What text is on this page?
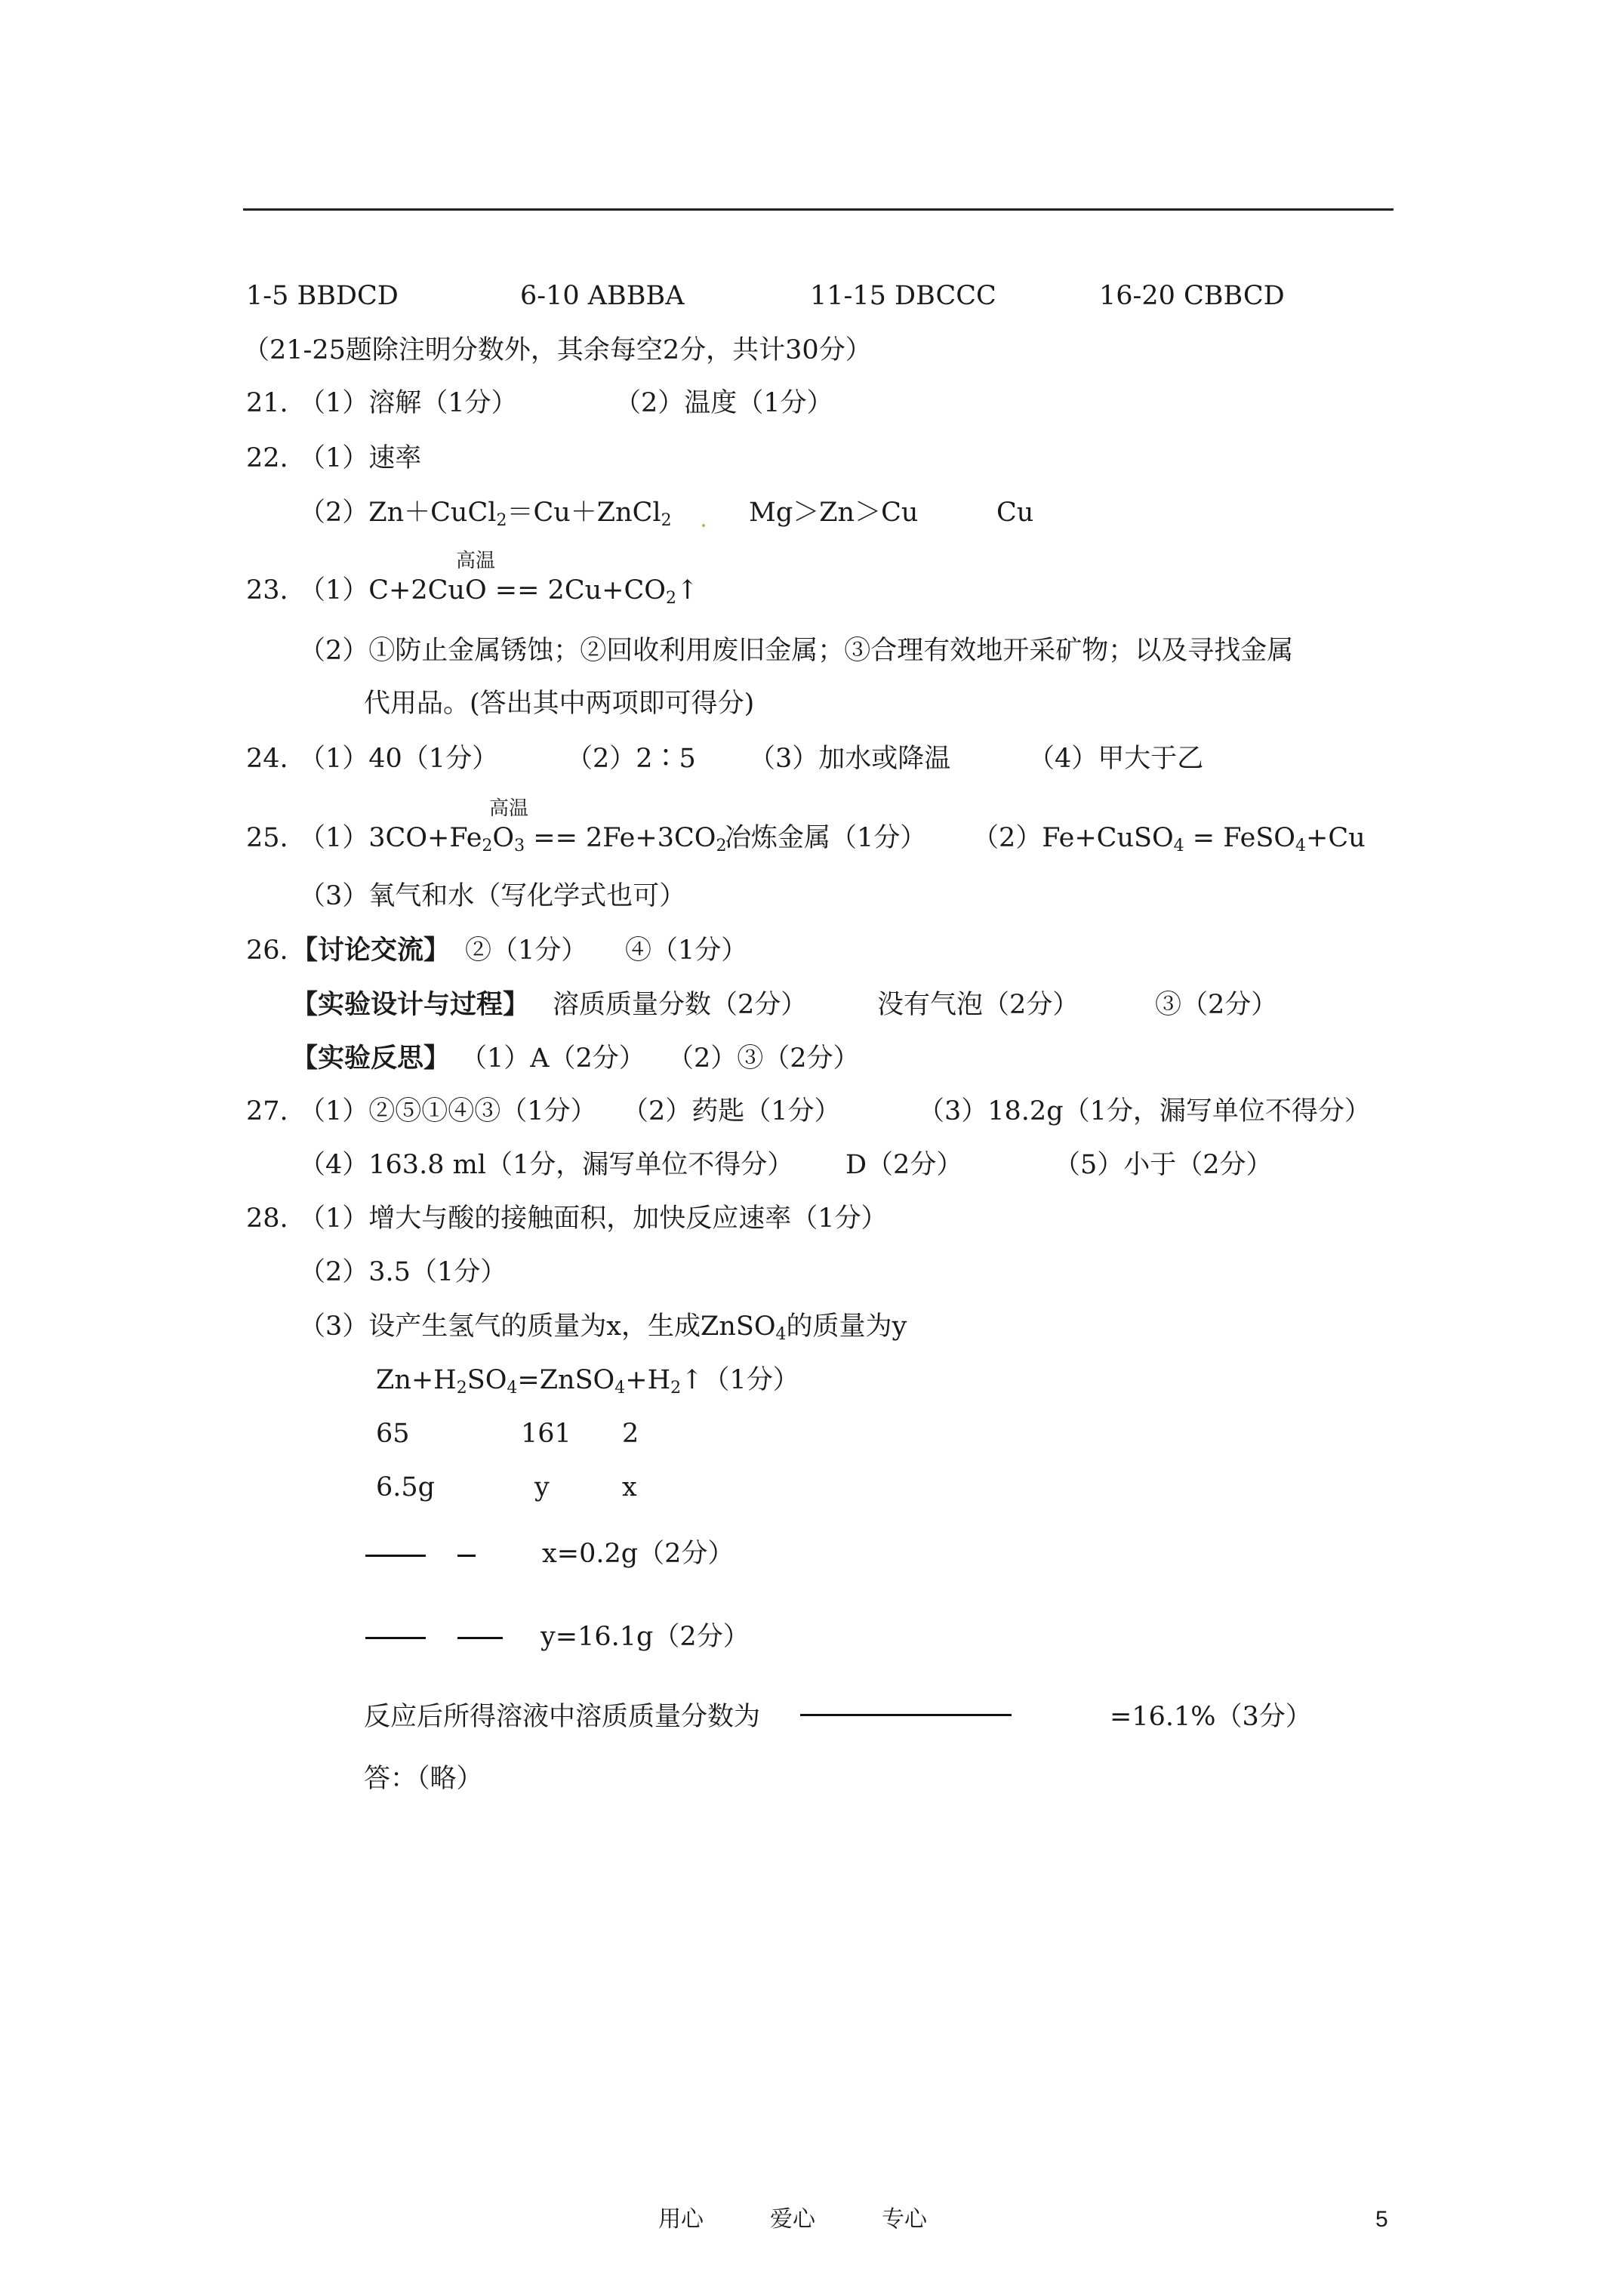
1-5 BBDCD	6-10 ABBBA	11-15 DBCCC	16-20 CBBCD
（21-25题除注明分数外，其余每空2分，共计30分）
21. （1）溶解（1分）	（2）温度（1分）
22. （1）速率
（2）Zn＋CuCl$_2$＝Cu＋ZnCl$_2$	Mg＞Zn＞Cu	Cu
高温
23. $(1)C+2CuO == 2Cu+CO_2↑$
（2）①防止金属锈蚀；②回收利用废旧金属；③合理有效地开采矿物；以及寻找金属
代用品。(答出其中两项即可得分)
24. （1）40（1分）	（2）2∶5 （3）加水或降温	（4）甲大于乙
高温
25. $(1)3CO+Fe_2O_3 == 2Fe+3CO_2$
冶炼金属（1分） （2）Fe+CuSO$_4$ = FeSO$_4$+Cu
（3）氧气和水（写化学式也可）
26. 【讨论交流】 ②（1分） ④（1分）
【实验设计与过程】 溶质质量分数（2分）	没有气泡（2分）	③（2分）
【实验反思】 （1）A（2分） （2）③（2分）
27. （1）②⑤①④③（1分） （2）药匙（1分）	（3）18.2g（1分，漏写单位不得分）
（4）163.8 ml（1分，漏写单位不得分） D（2分）	（5）小于（2分）
28. （1）增大与酸的接触面积，加快反应速率（1分）
（2）3.5（1分）
（3）设产生氢气的质量为x，生成ZnSO$_4$的质量为y
$Zn+H_2SO_4=ZnSO_4+H_2↑(1$分）
65	161 2
6.5g	y	x
x=0.2g（2分）
y=16.1g（2分）
反应后所得溶液中溶质质量分数为	=16.1%（3分）
答：（略）
用心	爱心	专心	5
